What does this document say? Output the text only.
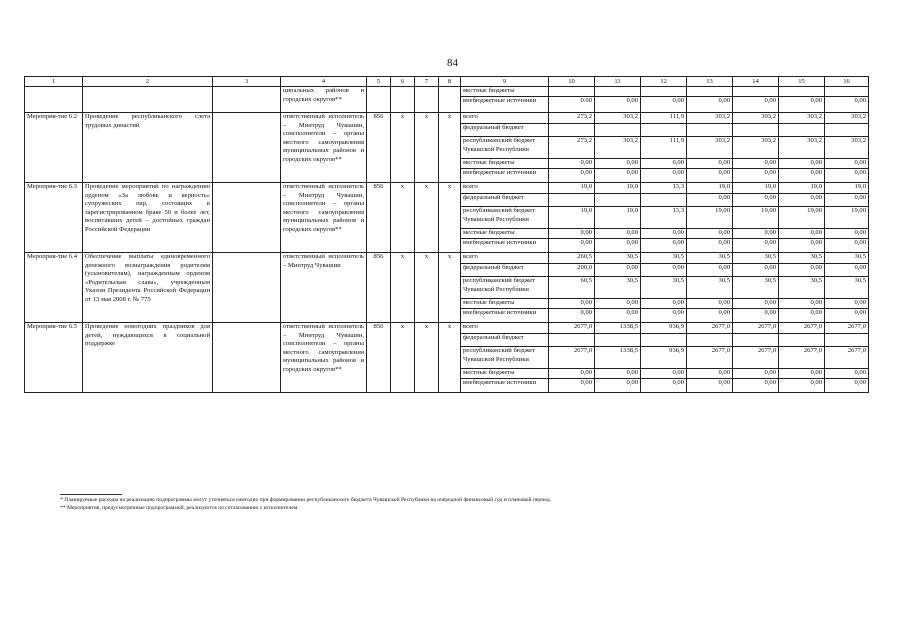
84
1	2	3	4	5	6	7	8	9	10	11	12	13	14	15	16
			ципальных районов и городских округов**					местные бюджеты							
								внебюджетные источники	0.00	0,00	0,00	0,00	0,00	0,00	0,00
Мероприя-тие 6.2	Проведение республиканского слета трудовых династий		ответственный исполнитель – Минтруд Чувашии, соисполнители – органы местного самоуправления муниципальных районов и городских округов**	856	x	x	x	всего	273,2	303,2	111,9	303,2	303,2	303,2	303,2
								федеральный бюджет							
								республиканский бюджет Чувашской Республики	273,2	303,2	111,9	303,2	303,2	303,2	303,2
								местные бюджеты	0,00	0,00	0,00	0,00	0,00	0,00	0,00
								внебюджетные источники	0,00	0,00	0,00	0,00	0,00	0,00	0,00
Мероприя-тие 6.3	Проведение мероприятий по награждению орденом «За любовь и верность» супружеских пар, состоящих в зарегистрированном браке 50 и более лет, воспитавших детей – достойных граждан Российской Федерации		ответственный исполнитель – Минтруд Чувашии, соисполнители – органы местного самоуправления муниципальных районов и городских округов**	856	x	x	x	всего	19,0	19,0	13,3	19,0	19,0	19,0	19,0
								федеральный бюджет				0,00	0,00	0,00	0,00
								республиканский бюджет Чувашской Республики	19,0	19,0	13,3	19,00	19,00	19,00	19,00
								местные бюджеты	0,00	0,00	0,00	0,00	0,00	0,00	0,00
								внебюджетные источники	0,00	0,00	0,00	0,00	0,00	0,00	0,00
Мероприя-тие 6.4	Обеспечение выплаты единовременного денежного вознаграждения родителям (усыновителям), награжденным орденом «Родительская слава», учрежденным Указом Президента Российской Федерации от 13 мая 2008 г. № 775		ответственный исполнитель – Минтруд Чувашии	856	x	x	x	всего	260,5	30,5	30,5	30,5	30,5	30,5	30,5
								федеральный бюджет	200,0	0,00	0,00	0,00	0,00	0,00	0,00
								республиканский бюджет Чувашской Республики	60,5	30,5	30,5	30,5	30,5	30,5	30,5
								местные бюджеты	0,00	0,00	0,00	0,00	0,00	0,00	0,00
								внебюджетные источники	0,00	0,00	0,00	0,00	0,00	0,00	0,00
Мероприя-тие 6.5	Проведение новогодних праздников для детей, нуждающихся в социальной поддержке		ответственный исполнитель – Минтруд Чувашии, соисполнители – органы местного самоуправления муниципальных районов и городских округов**	856	x	x	x	всего	2677,0	1338,5	936,9	2677,0	2677,0	2677,0	2677,0
								федеральный бюджет							
								республиканский бюджет Чувашской Республики	2677,0	1338,5	936,9	2677,0	2677,0	2677,0	2677,0
								местные бюджеты	0,00	0,00	0,00	0,00	0,00	0,00	0,00
								внебюджетные источники	0,00	0,00	0,00	0,00	0,00	0,00	0,00
* Планируемые расходы на реализацию подпрограммы могут уточняться ежегодно при формировании республиканского бюджета Чувашской Республики на очередной финансовый год и плановый период.
** Мероприятия, предусмотренные подпрограммой, реализуются по согласованию с исполнителем.
